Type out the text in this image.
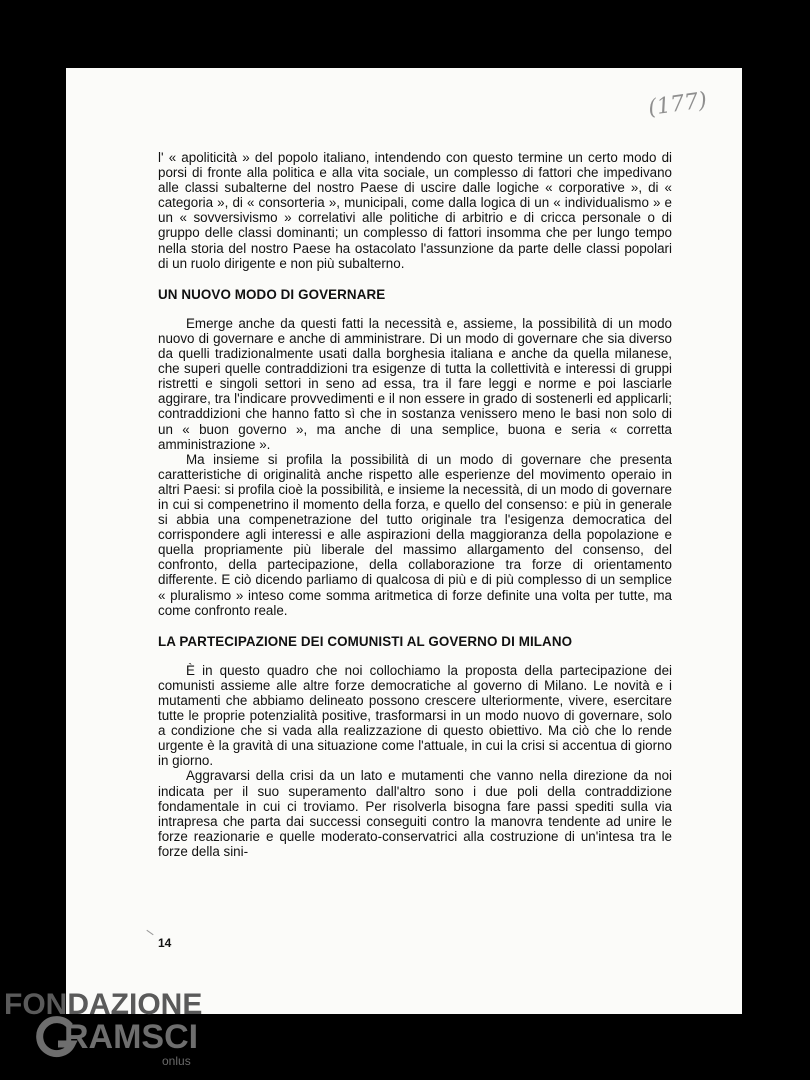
(177)

l' « apoliticità » del popolo italiano, intendendo con questo termine un certo modo di porsi di fronte alla politica e alla vita sociale, un complesso di fattori che impedivano alle classi subalterne del nostro Paese di uscire dalle logiche « corporative », di « categoria », di « consorteria », municipali, come dalla logica di un « individualismo » e un « sovversivismo » correlativi alle politiche di arbitrio e di cricca personale o di gruppo delle classi dominanti; un complesso di fattori insomma che per lungo tempo nella storia del nostro Paese ha ostacolato l'assunzione da parte delle classi popolari di un ruolo dirigente e non più subalterno.

UN NUOVO MODO DI GOVERNARE

Emerge anche da questi fatti la necessità e, assieme, la possibilità di un modo nuovo di governare e anche di amministrare. Di un modo di governare che sia diverso da quelli tradizionalmente usati dalla borghesia italiana e anche da quella milanese, che superi quelle contraddizioni tra esigenze di tutta la collettività e interessi di gruppi ristretti e singoli settori in seno ad essa, tra il fare leggi e norme e poi lasciarle aggirare, tra l'indicare provvedimenti e il non essere in grado di sostenerli ed applicarli; contraddizioni che hanno fatto sì che in sostanza venissero meno le basi non solo di un « buon governo », ma anche di una semplice, buona e seria « corretta amministrazione ».

Ma insieme si profila la possibilità di un modo di governare che presenta caratteristiche di originalità anche rispetto alle esperienze del movimento operaio in altri Paesi: si profila cioè la possibilità, e insieme la necessità, di un modo di governare in cui si compenetrino il momento della forza, e quello del consenso: e più in generale si abbia una compenetrazione del tutto originale tra l'esigenza democratica del corrispondere agli interessi e alle aspirazioni della maggioranza della popolazione e quella propriamente più liberale del massimo allargamento del consenso, del confronto, della partecipazione, della collaborazione tra forze di orientamento differente. E ciò dicendo parliamo di qualcosa di più e di più complesso di un semplice « pluralismo » inteso come somma aritmetica di forze definite una volta per tutte, ma come confronto reale.

LA PARTECIPAZIONE DEI COMUNISTI AL GOVERNO DI MILANO

È in questo quadro che noi collochiamo la proposta della partecipazione dei comunisti assieme alle altre forze democratiche al governo di Milano. Le novità e i mutamenti che abbiamo delineato possono crescere ulteriormente, vivere, esercitare tutte le proprie potenzialità positive, trasformarsi in un modo nuovo di governare, solo a condizione che si vada alla realizzazione di questo obiettivo. Ma ciò che lo rende urgente è la gravità di una situazione come l'attuale, in cui la crisi si accentua di giorno in giorno.

Aggravarsi della crisi da un lato e mutamenti che vanno nella direzione da noi indicata per il suo superamento dall'altro sono i due poli della contraddizione fondamentale in cui ci troviamo. Per risolverla bisogna fare passi spediti sulla via intrapresa che parta dai successi conseguiti contro la manovra tendente ad unire le forze reazionarie e quelle moderato-conservatrici alla costruzione di un'intesa tra le forze della sini-

14
FONDAZIONE
RAMSCI
onlus
